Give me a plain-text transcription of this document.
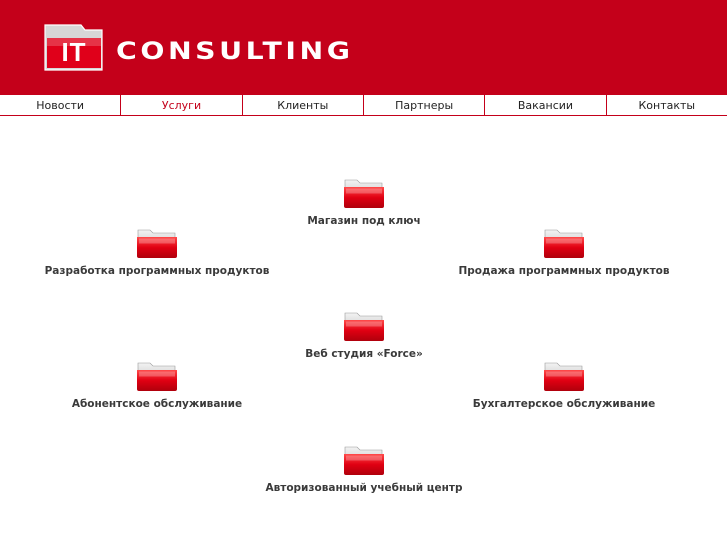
IT	CONSULTING
Новости	Услуги	Клиенты	Партнеры	Вакансии	Контакты
Магазин под ключ
Разработка программных продуктов	Продажа программных продуктов
Веб студия «Force»
Абонентское обслуживание	Бухгалтерское обслуживание
Авторизованный учебный центр
